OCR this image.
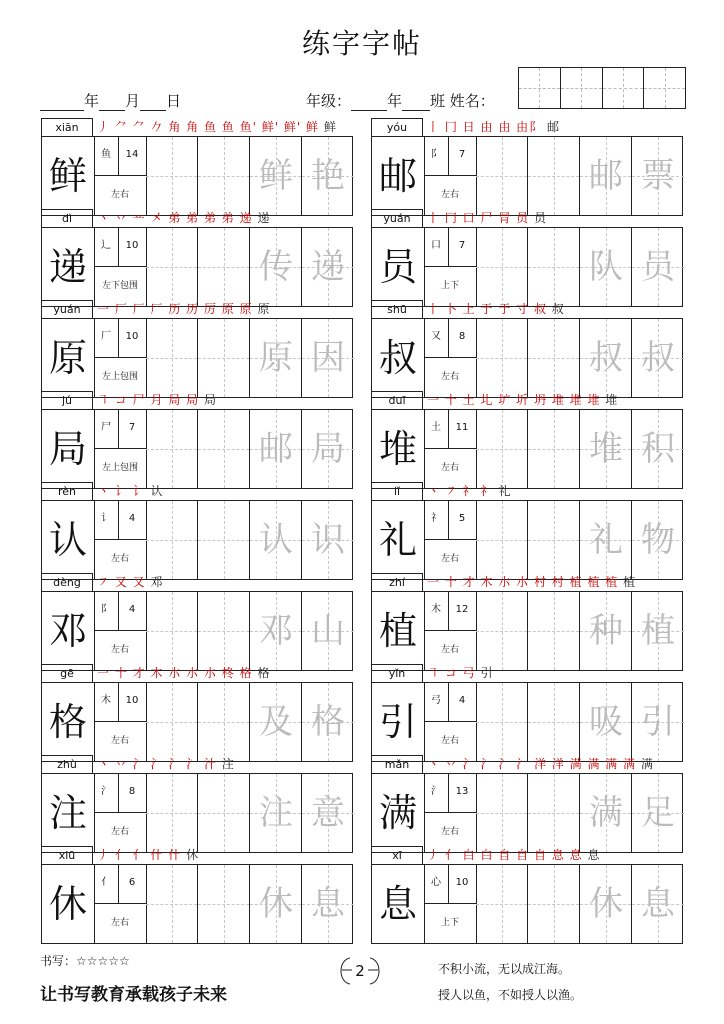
练字字帖
年 月 日	年级： 年 班 姓名：
xiān	丿 ⺈ ⺈ 𠂊 角 角 鱼 鱼 鱼' 鲜' 鲜' 鲜 鲜
鲜	鱼	14
左右	鲜 艳
yóu	丨 冂 日 由 由 由阝 邮
邮	阝	7
左右	邮 票
dì	丶 丷 䒑 㐅 弟 弟 弟 弟 递 递
递	辶	10
左下包围	传 递
yuán	丨 冂 口 尸 冐 员 员
员	口	7
上下	队 员
yuán	一 厂 厂 厂 历 历 厉 原 原 原
原	厂	10
左上包围	原 因
shū	丨 卜 上 于 于 寸 叔 叔
叔	又	8
左右	叔 叔
jú	㇕ コ 尸 月 局 局 局
局	尸	7
左上包围	邮 局
duī	一 十 土 圠 圹 圻 坍 堆 堆 堆 堆
堆	土	11
左右	堆 积
rèn	丶 讠 讠 认
认	讠	4
左右	认 识
lǐ	丶 ㇇ 礻 礻 礼
礼	礻	5
左右	礼 物
dèng	㇇ 又 又 邓
邓	阝	4
左右	邓 山
zhí	一 十 才 木 朩 朩 村 村 植 植 植 植
植	木	12
左右	种 植
gē	一 十 才 木 朩 朩 朩 柊 格 格
格	木	10
左右	及 格
yǐn	㇕ コ 弓 引
引	弓	4
左右	吸 引
zhù	丶 丷 氵 氵 氵 氵 汁 注
注	氵	8
左右	注 意
mǎn	丶 丷 氵 氵 氵 氵 洋 洋 满 满 满 满 满
满	氵	13
左右	满 足
xiū	丿 亻 亻 什 什 休
休	亻	6
左右	休 息
xī	丿 亻 白 白 自 自 自 息 息 息
息	心	10
上下	休 息
书写：☆☆☆☆☆
让书写教育承载孩子未来
2	不积小流，无以成江海。
授人以鱼，不如授人以渔。
